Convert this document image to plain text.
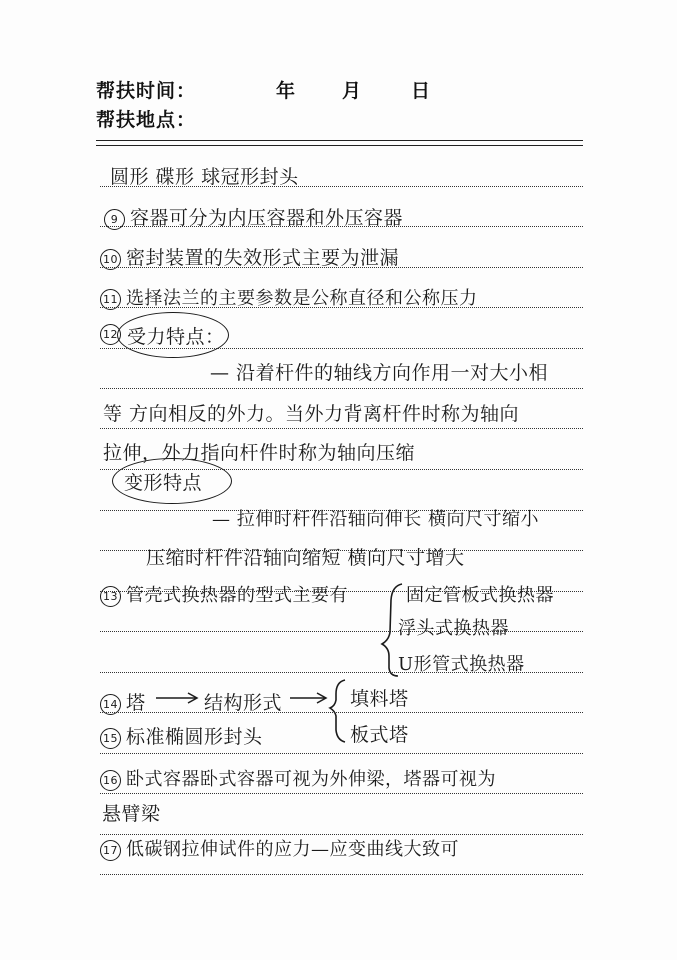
帮扶时间：	年 月	日
帮扶地点：
圆形 碟形 球冠形封头
9 容器可分为内压容器和外压容器
10 密封装置的失效形式主要为泄漏
11 选择法兰的主要参数是公称直径和公称压力
12 受力特点：
— 沿着杆件的轴线方向作用一对大小相
等 方向相反的外力。当外力背离杆件时称为轴向
拉伸，外力指向杆件时称为轴向压缩
变形特点
— 拉伸时杆件沿轴向伸长 横向尺寸缩小
压缩时杆件沿轴向缩短 横向尺寸增大
13 管壳式换热器的型式主要有	固定管板式换热器
浮头式换热器
U形管式换热器
14 塔	结构形式	填料塔
板式塔
15 标准椭圆形封头
16 卧式容器卧式容器可视为外伸梁，塔器可视为
悬臂梁
17 低碳钢拉伸试件的应力—应变曲线大致可
